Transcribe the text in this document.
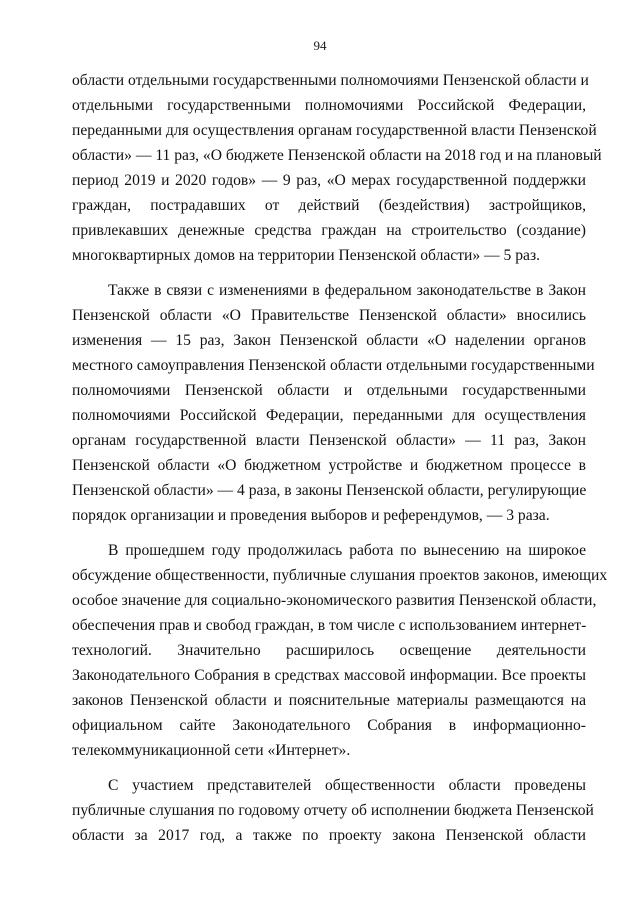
94

области отдельными государственными полномочиями Пензенской области и
отдельными государственными полномочиями Российской Федерации,
переданными для осуществления органам государственной власти Пензенской
области» — 11 раз, «О бюджете Пензенской области на 2018 год и на плановый
период 2019 и 2020 годов» — 9 раз, «О мерах государственной поддержки
граждан, пострадавших от действий (бездействия) застройщиков,
привлекавших денежные средства граждан на строительство (создание)
многоквартирных домов на территории Пензенской области» — 5 раз.

Также в связи с изменениями в федеральном законодательстве в Закон
Пензенской области «О Правительстве Пензенской области» вносились
изменения — 15 раз, Закон Пензенской области «О наделении органов
местного самоуправления Пензенской области отдельными государственными
полномочиями Пензенской области и отдельными государственными
полномочиями Российской Федерации, переданными для осуществления
органам государственной власти Пензенской области» — 11 раз, Закон
Пензенской области «О бюджетном устройстве и бюджетном процессе в
Пензенской области» — 4 раза, в законы Пензенской области, регулирующие
порядок организации и проведения выборов и референдумов, — 3 раза.

В прошедшем году продолжилась работа по вынесению на широкое
обсуждение общественности, публичные слушания проектов законов, имеющих
особое значение для социально-экономического развития Пензенской области,
обеспечения прав и свобод граждан, в том числе с использованием интернет-
технологий. Значительно расширилось освещение деятельности
Законодательного Собрания в средствах массовой информации. Все проекты
законов Пензенской области и пояснительные материалы размещаются на
официальном сайте Законодательного Собрания в информационно-
телекоммуникационной сети «Интернет».

С участием представителей общественности области проведены
публичные слушания по годовому отчету об исполнении бюджета Пензенской
области за 2017 год, а также по проекту закона Пензенской области
